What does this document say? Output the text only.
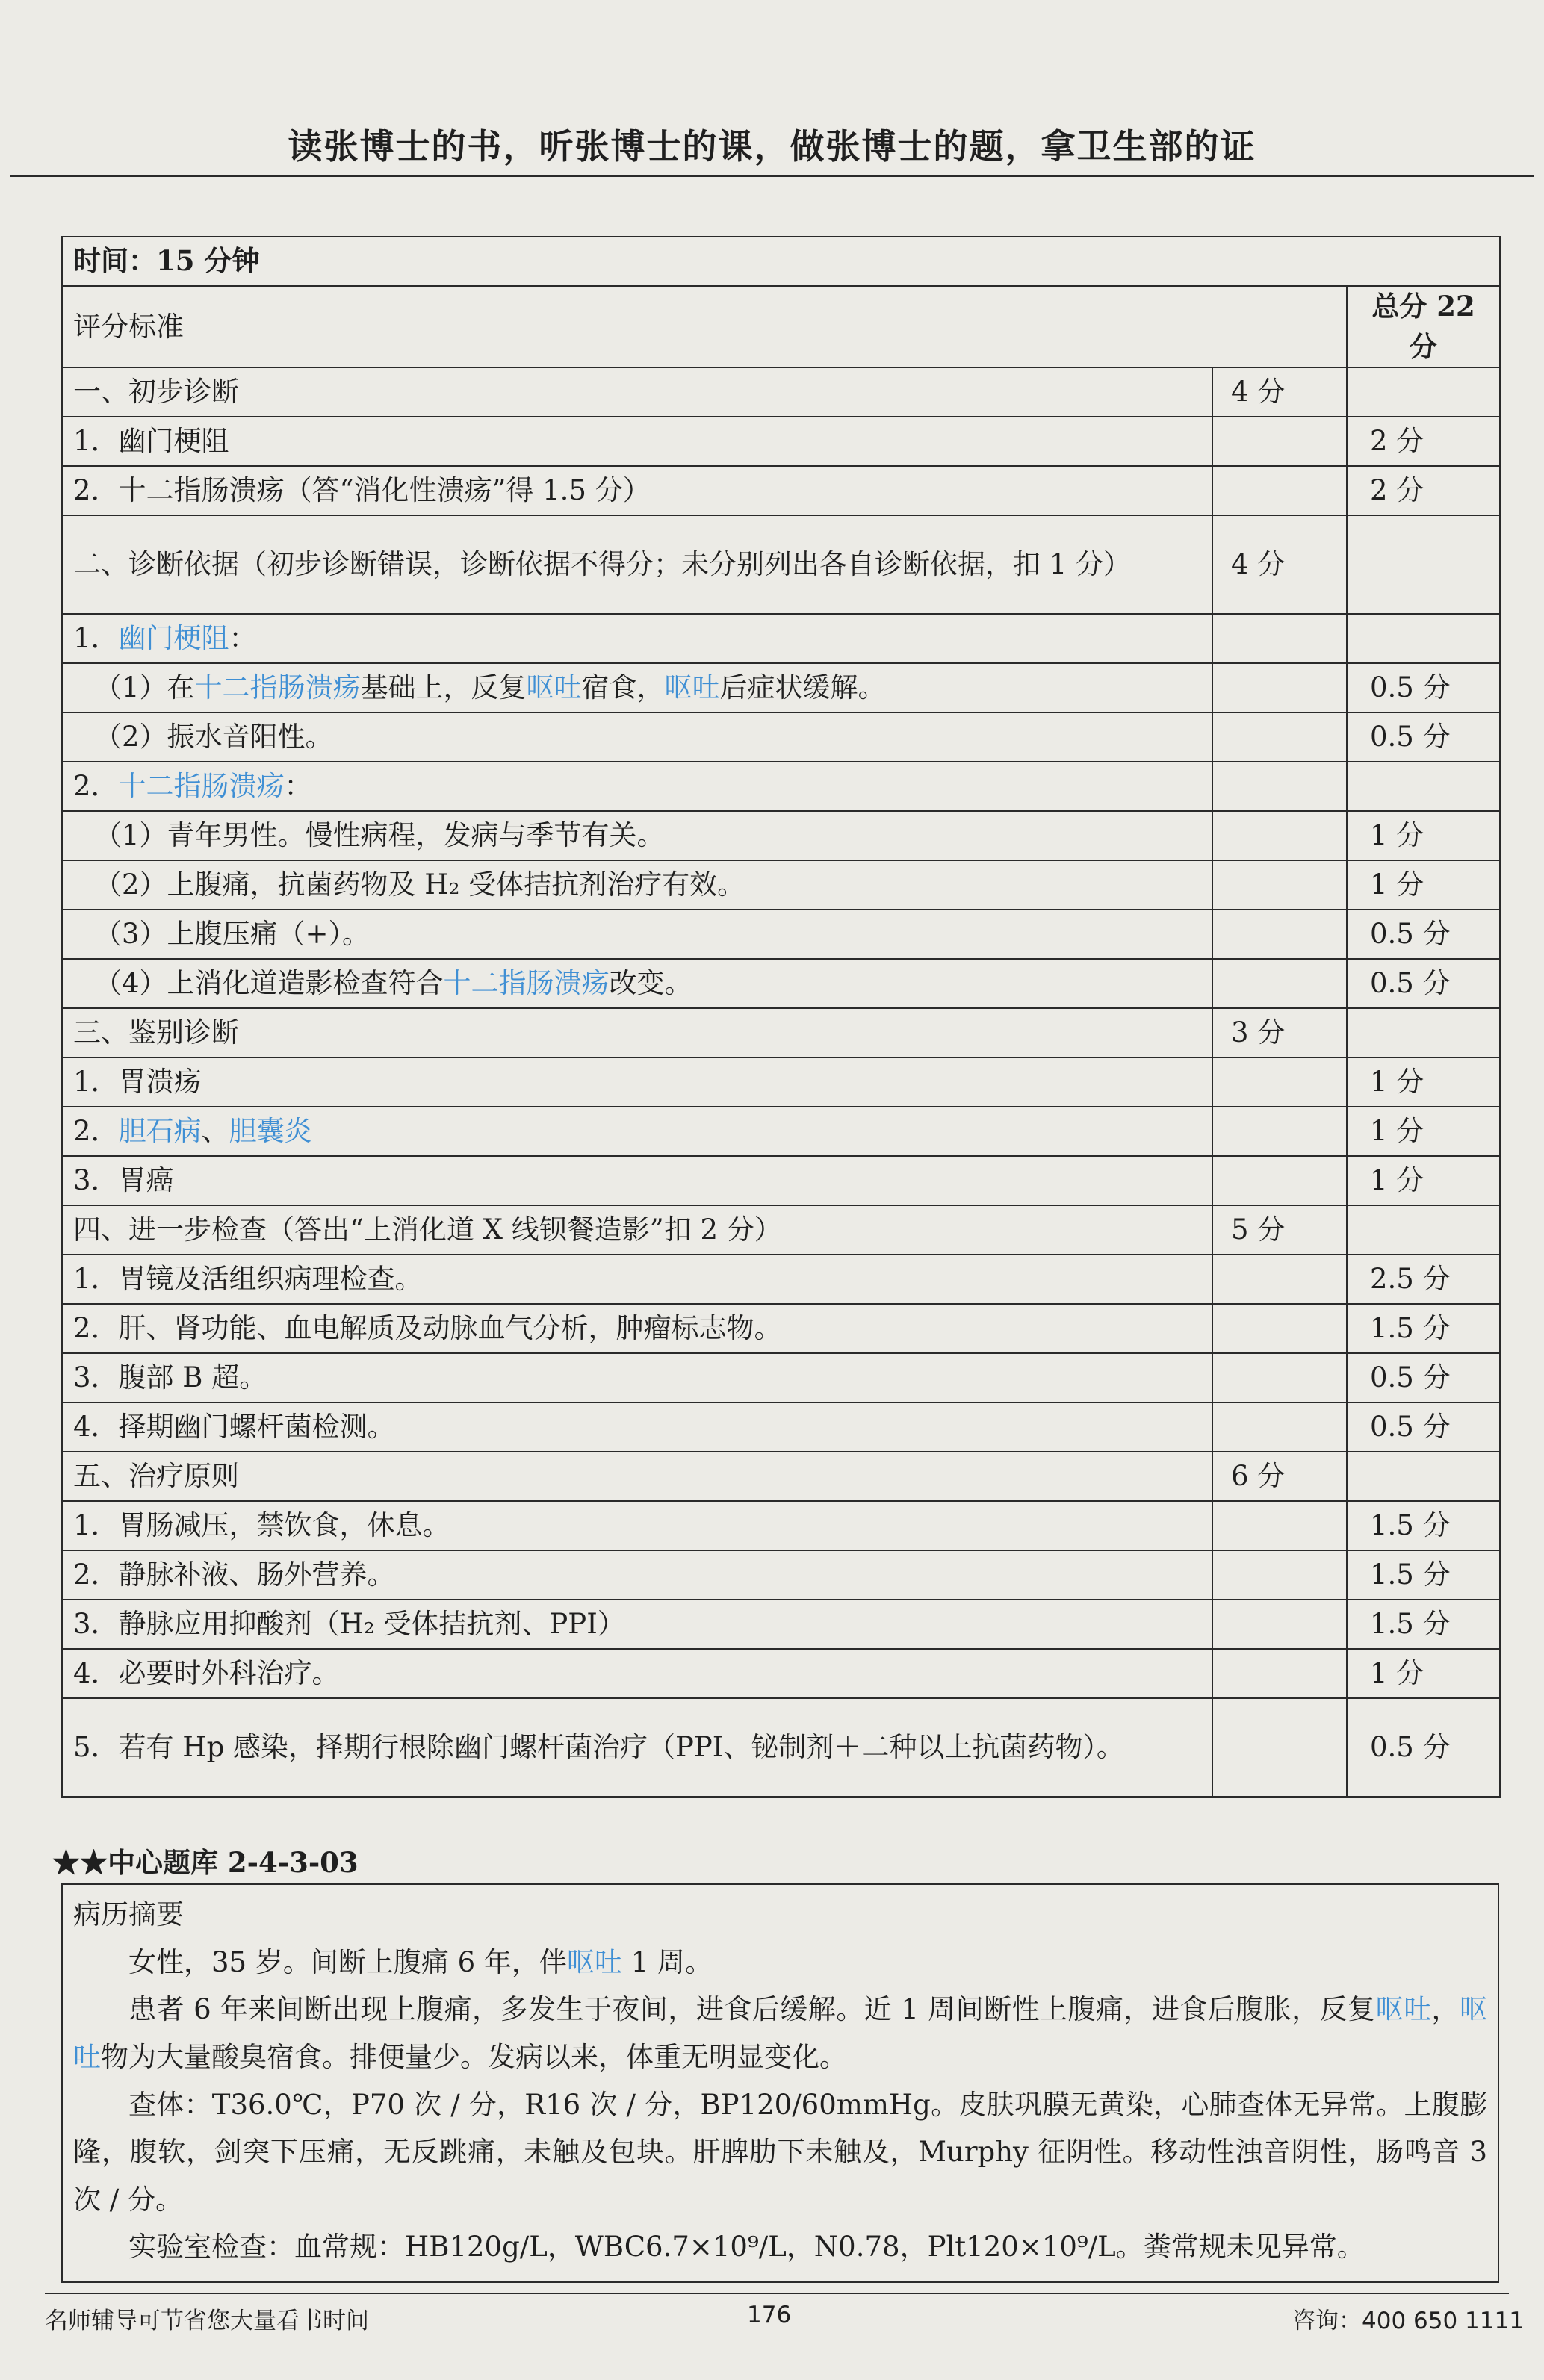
读张博士的书，听张博士的课，做张博士的题，拿卫生部的证
时间：15 分钟		
评分标准		总分 22 分
一、初步诊断	4 分	
1．幽门梗阻		2 分
2．十二指肠溃疡（答“消化性溃疡”得 1.5 分）		2 分
二、诊断依据（初步诊断错误，诊断依据不得分；未分别列出各自诊断依据，扣 1 分）	4 分	
1．幽门梗阻：		
（1）在十二指肠溃疡基础上，反复呕吐宿食，呕吐后症状缓解。		0.5 分
（2）振水音阳性。		0.5 分
2．十二指肠溃疡：		
（1）青年男性。慢性病程，发病与季节有关。		1 分
（2）上腹痛，抗菌药物及 H₂ 受体拮抗剂治疗有效。		1 分
（3）上腹压痛（+）。		0.5 分
（4）上消化道造影检查符合十二指肠溃疡改变。		0.5 分
三、鉴别诊断	3 分	
1．胃溃疡		1 分
2．胆石病、胆囊炎		1 分
3．胃癌		1 分
四、进一步检查（答出“上消化道 X 线钡餐造影”扣 2 分）	5 分	
1．胃镜及活组织病理检查。		2.5 分
2．肝、肾功能、血电解质及动脉血气分析，肿瘤标志物。		1.5 分
3．腹部 B 超。		0.5 分
4．择期幽门螺杆菌检测。		0.5 分
五、治疗原则	6 分	
1．胃肠减压，禁饮食，休息。		1.5 分
2．静脉补液、肠外营养。		1.5 分
3．静脉应用抑酸剂（H₂ 受体拮抗剂、PPI）		1.5 分
4．必要时外科治疗。		1 分
5．若有 Hp 感染，择期行根除幽门螺杆菌治疗（PPI、铋制剂＋二种以上抗菌药物）。		0.5 分
★★中心题库 2-4-3-03
病历摘要
女性，35 岁。间断上腹痛 6 年，伴呕吐 1 周。
患者 6 年来间断出现上腹痛，多发生于夜间，进食后缓解。近 1 周间断性上腹痛，进食后腹胀，反复呕吐，呕吐物为大量酸臭宿食。排便量少。发病以来，体重无明显变化。
查体：T36.0℃，P70 次 / 分，R16 次 / 分，BP120/60mmHg。皮肤巩膜无黄染，心肺查体无异常。上腹膨隆，腹软，剑突下压痛，无反跳痛，未触及包块。肝脾肋下未触及，Murphy 征阴性。移动性浊音阴性，肠鸣音 3 次 / 分。
实验室检查：血常规：HB120g/L，WBC6.7×10⁹/L，N0.78，Plt120×10⁹/L。粪常规未见异常。
名师辅导可节省您大量看书时间	176	咨询：400 650 1111
